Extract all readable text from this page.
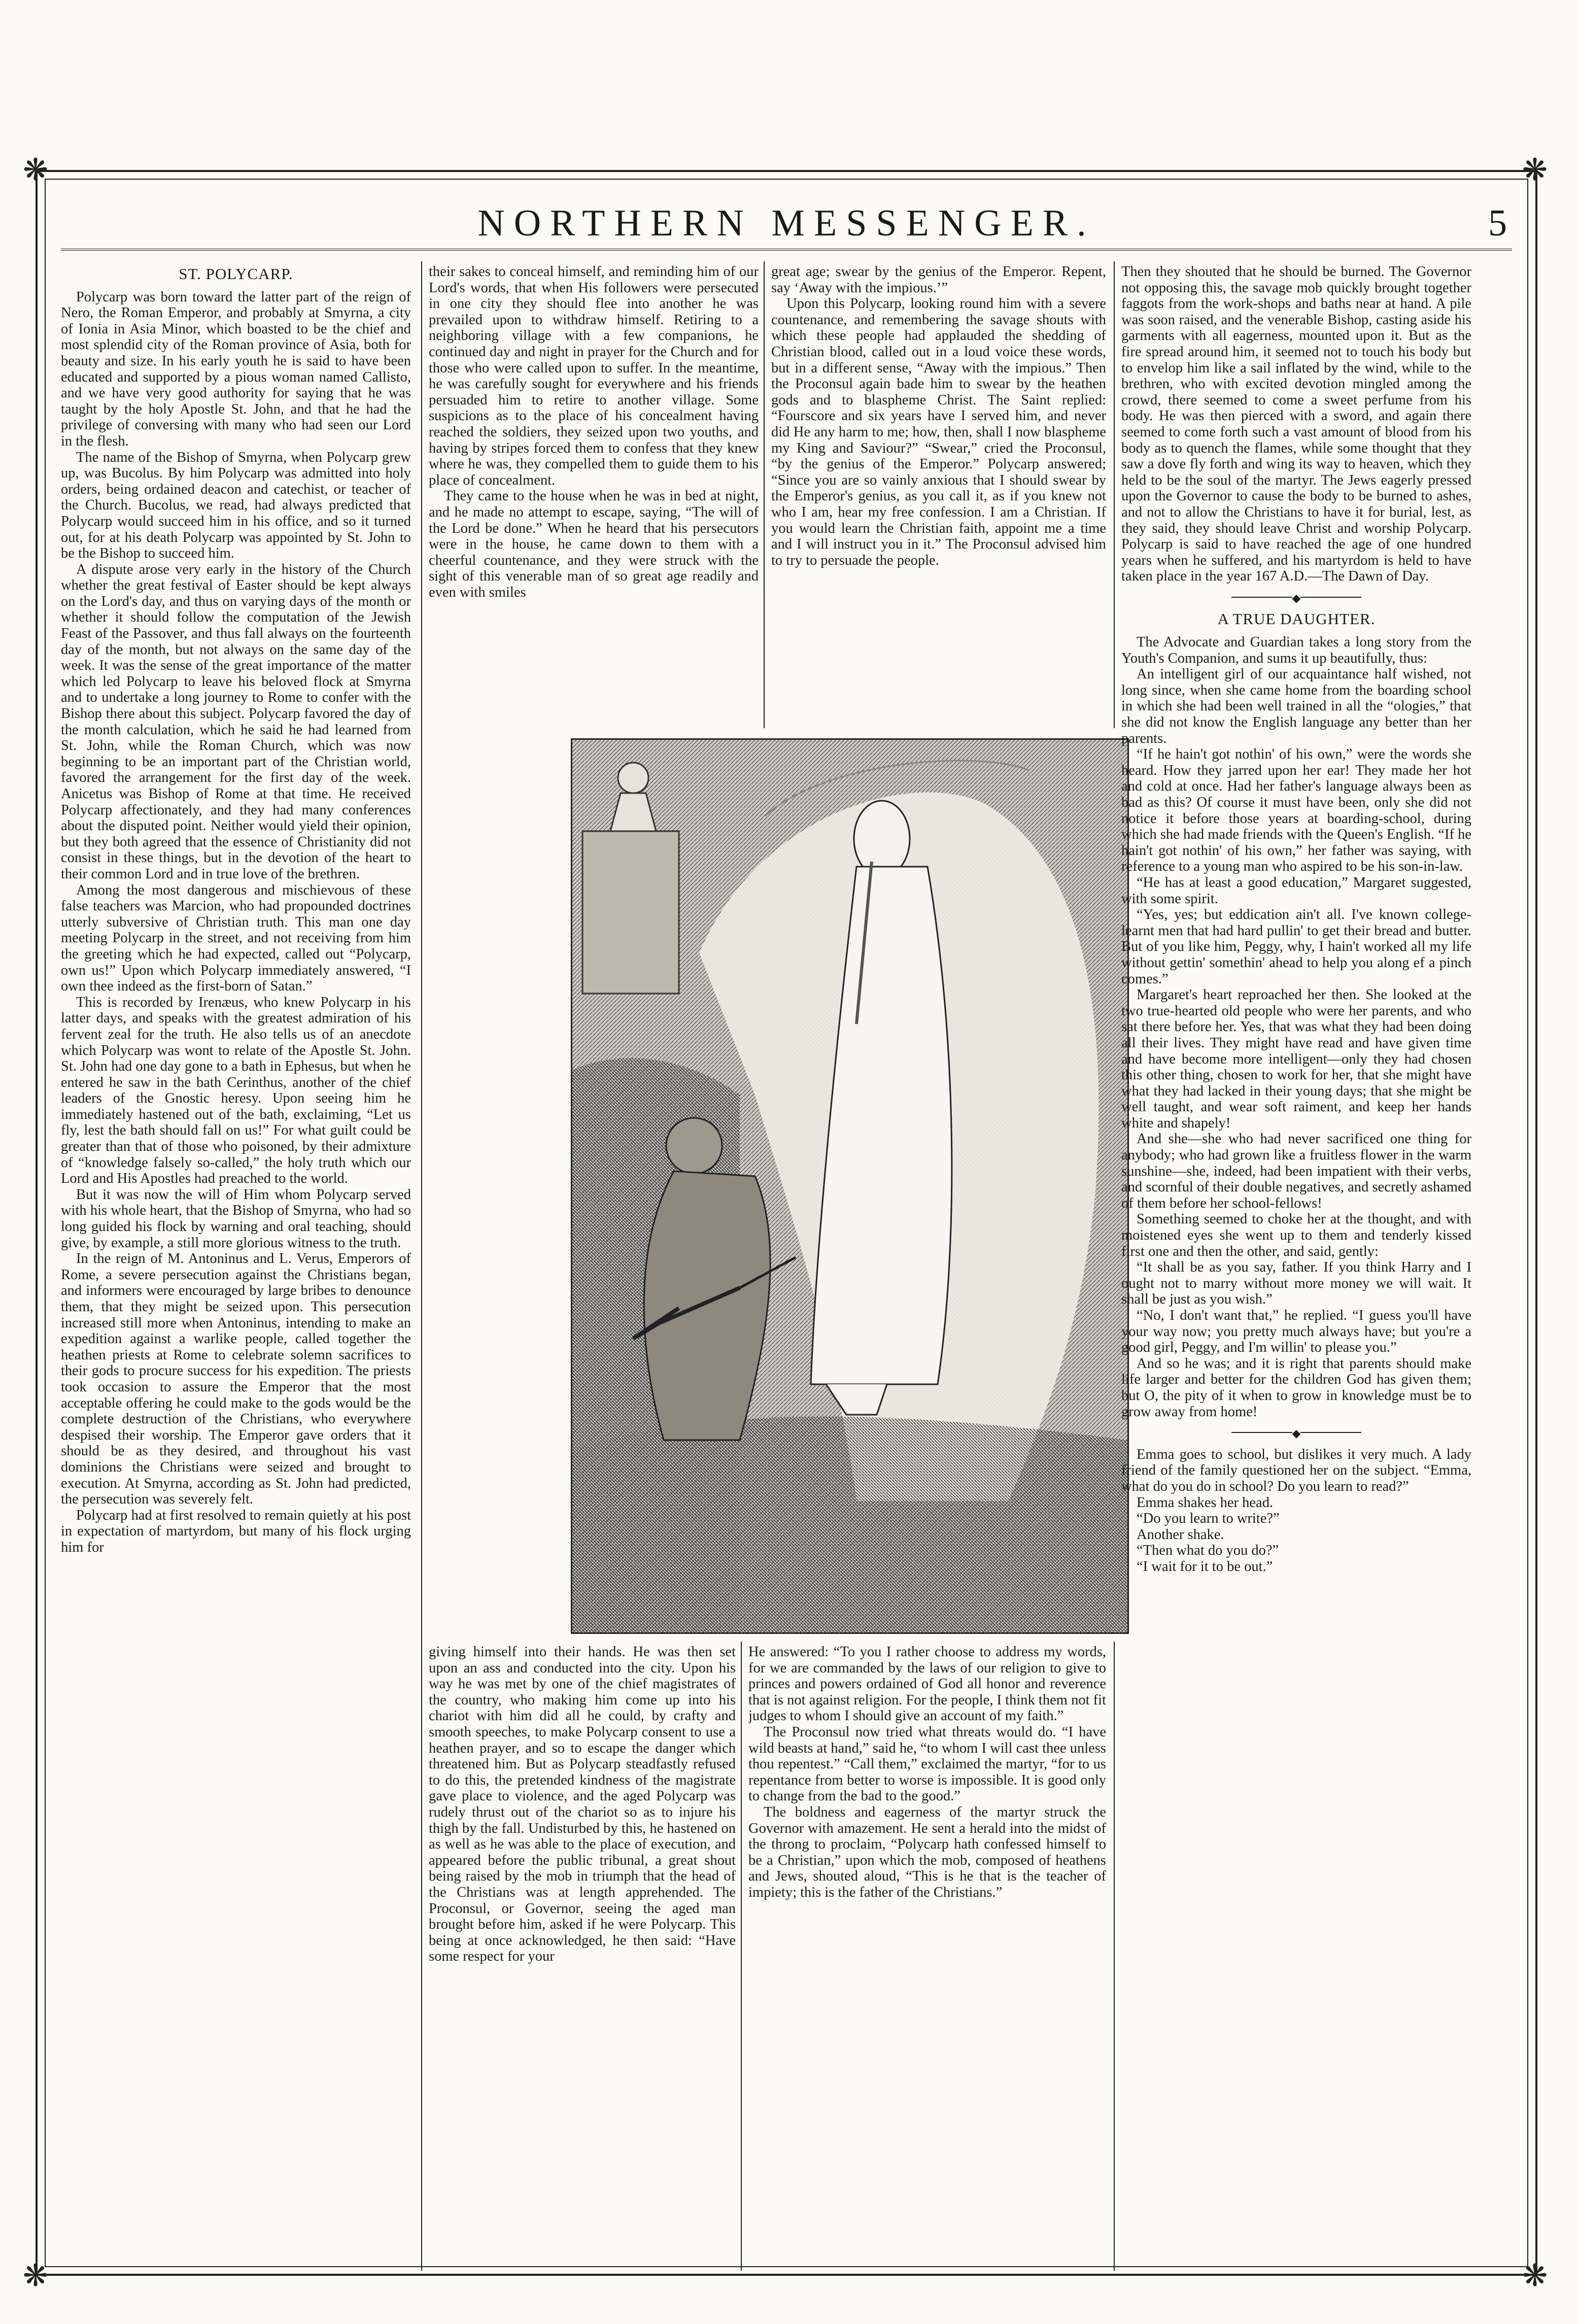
❋	❋
❋	❋
NORTHERN MESSENGER.	5
ST. POLYCARP.

Polycarp was born toward the latter part of the reign of Nero, the Roman Emperor, and probably at Smyrna, a city of Ionia in Asia Minor, which boasted to be the chief and most splendid city of the Roman province of Asia, both for beauty and size. In his early youth he is said to have been educated and supported by a pious woman named Callisto, and we have very good authority for saying that he was taught by the holy Apostle St. John, and that he had the privilege of conversing with many who had seen our Lord in the flesh.

The name of the Bishop of Smyrna, when Polycarp grew up, was Bucolus. By him Polycarp was admitted into holy orders, being ordained deacon and catechist, or teacher of the Church. Bucolus, we read, had always predicted that Polycarp would succeed him in his office, and so it turned out, for at his death Polycarp was appointed by St. John to be the Bishop to succeed him.

A dispute arose very early in the history of the Church whether the great festival of Easter should be kept always on the Lord's day, and thus on varying days of the month or whether it should follow the computation of the Jewish Feast of the Passover, and thus fall always on the fourteenth day of the month, but not always on the same day of the week. It was the sense of the great importance of the matter which led Polycarp to leave his beloved flock at Smyrna and to undertake a long journey to Rome to confer with the Bishop there about this subject. Polycarp favored the day of the month calculation, which he said he had learned from St. John, while the Roman Church, which was now beginning to be an important part of the Christian world, favored the arrangement for the first day of the week. Anicetus was Bishop of Rome at that time. He received Polycarp affectionately, and they had many conferences about the disputed point. Neither would yield their opinion, but they both agreed that the essence of Christianity did not consist in these things, but in the devotion of the heart to their common Lord and in true love of the brethren.

Among the most dangerous and mischievous of these false teachers was Marcion, who had propounded doctrines utterly subversive of Christian truth. This man one day meeting Polycarp in the street, and not receiving from him the greeting which he had expected, called out “Polycarp, own us!” Upon which Polycarp immediately answered, “I own thee indeed as the first-born of Satan.”

This is recorded by Irenæus, who knew Polycarp in his latter days, and speaks with the greatest admiration of his fervent zeal for the truth. He also tells us of an anecdote which Polycarp was wont to relate of the Apostle St. John. St. John had one day gone to a bath in Ephesus, but when he entered he saw in the bath Cerinthus, another of the chief leaders of the Gnostic heresy. Upon seeing him he immediately hastened out of the bath, exclaiming, “Let us fly, lest the bath should fall on us!” For what guilt could be greater than that of those who poisoned, by their admixture of “knowledge falsely so-called,” the holy truth which our Lord and His Apostles had preached to the world.

But it was now the will of Him whom Polycarp served with his whole heart, that the Bishop of Smyrna, who had so long guided his flock by warning and oral teaching, should give, by example, a still more glorious witness to the truth.

In the reign of M. Antoninus and L. Verus, Emperors of Rome, a severe persecution against the Christians began, and informers were encouraged by large bribes to denounce them, that they might be seized upon. This persecution increased still more when Antoninus, intending to make an expedition against a warlike people, called together the heathen priests at Rome to celebrate solemn sacrifices to their gods to procure success for his expedition. The priests took occasion to assure the Emperor that the most acceptable offering he could make to the gods would be the complete destruction of the Christians, who everywhere despised their worship. The Emperor gave orders that it should be as they desired, and throughout his vast dominions the Christians were seized and brought to execution. At Smyrna, according as St. John had predicted, the persecution was severely felt.

Polycarp had at first resolved to remain quietly at his post in expectation of martyrdom, but many of his flock urging him for

their sakes to conceal himself, and reminding him of our Lord's words, that when His followers were persecuted in one city they should flee into another he was prevailed upon to withdraw himself. Retiring to a neighboring village with a few companions, he continued day and night in prayer for the Church and for those who were called upon to suffer. In the meantime, he was carefully sought for everywhere and his friends persuaded him to retire to another village. Some suspicions as to the place of his concealment having reached the soldiers, they seized upon two youths, and having by stripes forced them to confess that they knew where he was, they compelled them to guide them to his place of concealment.

They came to the house when he was in bed at night, and he made no attempt to escape, saying, “The will of the Lord be done.” When he heard that his persecutors were in the house, he came down to them with a cheerful countenance, and they were struck with the sight of this venerable man of so great age readily and even with smiles

great age; swear by the genius of the Emperor. Repent, say ‘Away with the impious.’”

Upon this Polycarp, looking round him with a severe countenance, and remembering the savage shouts with which these people had applauded the shedding of Christian blood, called out in a loud voice these words, but in a different sense, “Away with the impious.” Then the Proconsul again bade him to swear by the heathen gods and to blaspheme Christ. The Saint replied: “Fourscore and six years have I served him, and never did He any harm to me; how, then, shall I now blaspheme my King and Saviour?” “Swear,” cried the Proconsul, “by the genius of the Emperor.” Polycarp answered; “Since you are so vainly anxious that I should swear by the Emperor's genius, as you call it, as if you knew not who I am, hear my free confession. I am a Christian. If you would learn the Christian faith, appoint me a time and I will instruct you in it.” The Proconsul advised him to try to persuade the people.

giving himself into their hands. He was then set upon an ass and conducted into the city. Upon his way he was met by one of the chief magistrates of the country, who making him come up into his chariot with him did all he could, by crafty and smooth speeches, to make Polycarp consent to use a heathen prayer, and so to escape the danger which threatened him. But as Polycarp steadfastly refused to do this, the pretended kindness of the magistrate gave place to violence, and the aged Polycarp was rudely thrust out of the chariot so as to injure his thigh by the fall. Undisturbed by this, he hastened on as well as he was able to the place of execution, and appeared before the public tribunal, a great shout being raised by the mob in triumph that the head of the Christians was at length apprehended. The Proconsul, or Governor, seeing the aged man brought before him, asked if he were Polycarp. This being at once acknowledged, he then said: “Have some respect for your

He answered: “To you I rather choose to address my words, for we are commanded by the laws of our religion to give to princes and powers ordained of God all honor and reverence that is not against religion. For the people, I think them not fit judges to whom I should give an account of my faith.”

The Proconsul now tried what threats would do. “I have wild beasts at hand,” said he, “to whom I will cast thee unless thou repentest.” “Call them,” exclaimed the martyr, “for to us repentance from better to worse is impossible. It is good only to change from the bad to the good.”

The boldness and eagerness of the martyr struck the Governor with amazement. He sent a herald into the midst of the throng to proclaim, “Polycarp hath confessed himself to be a Christian,” upon which the mob, composed of heathens and Jews, shouted aloud, “This is he that is the teacher of impiety; this is the father of the Christians.”

Then they shouted that he should be burned. The Governor not opposing this, the savage mob quickly brought together faggots from the work-shops and baths near at hand. A pile was soon raised, and the venerable Bishop, casting aside his garments with all eagerness, mounted upon it. But as the fire spread around him, it seemed not to touch his body but to envelop him like a sail inflated by the wind, while to the brethren, who with excited devotion mingled among the crowd, there seemed to come a sweet perfume from his body. He was then pierced with a sword, and again there seemed to come forth such a vast amount of blood from his body as to quench the flames, while some thought that they saw a dove fly forth and wing its way to heaven, which they held to be the soul of the martyr. The Jews eagerly pressed upon the Governor to cause the body to be burned to ashes, and not to allow the Christians to have it for burial, lest, as they said, they should leave Christ and worship Polycarp. Polycarp is said to have reached the age of one hundred years when he suffered, and his martyrdom is held to have taken place in the year 167 A.D.—The Dawn of Day.

◆
A TRUE DAUGHTER.

The Advocate and Guardian takes a long story from the Youth's Companion, and sums it up beautifully, thus:

An intelligent girl of our acquaintance half wished, not long since, when she came home from the boarding school in which she had been well trained in all the “ologies,” that she did not know the English language any better than her parents.

“If he hain't got nothin' of his own,” were the words she heard. How they jarred upon her ear! They made her hot and cold at once. Had her father's language always been as bad as this? Of course it must have been, only she did not notice it before those years at boarding-school, during which she had made friends with the Queen's English. “If he hain't got nothin' of his own,” her father was saying, with reference to a young man who aspired to be his son-in-law.

“He has at least a good education,” Margaret suggested, with some spirit.

“Yes, yes; but eddication ain't all. I've known college-learnt men that had hard pullin' to get their bread and butter. But of you like him, Peggy, why, I hain't worked all my life without gettin' somethin' ahead to help you along ef a pinch comes.”

Margaret's heart reproached her then. She looked at the two true-hearted old people who were her parents, and who sat there before her. Yes, that was what they had been doing all their lives. They might have read and have given time and have become more intelligent—only they had chosen this other thing, chosen to work for her, that she might have what they had lacked in their young days; that she might be well taught, and wear soft raiment, and keep her hands white and shapely!

And she—she who had never sacrificed one thing for anybody; who had grown like a fruitless flower in the warm sunshine—she, indeed, had been impatient with their verbs, and scornful of their double negatives, and secretly ashamed of them before her school-fellows!

Something seemed to choke her at the thought, and with moistened eyes she went up to them and tenderly kissed first one and then the other, and said, gently:

“It shall be as you say, father. If you think Harry and I ought not to marry without more money we will wait. It shall be just as you wish.”

“No, I don't want that,” he replied. “I guess you'll have your way now; you pretty much always have; but you're a good girl, Peggy, and I'm willin' to please you.”

And so he was; and it is right that parents should make life larger and better for the children God has given them; but O, the pity of it when to grow in knowledge must be to grow away from home!

◆

Emma goes to school, but dislikes it very much. A lady friend of the family questioned her on the subject. “Emma, what do you do in school? Do you learn to read?”

Emma shakes her head.

“Do you learn to write?”

Another shake.

“Then what do you do?”

“I wait for it to be out.”
